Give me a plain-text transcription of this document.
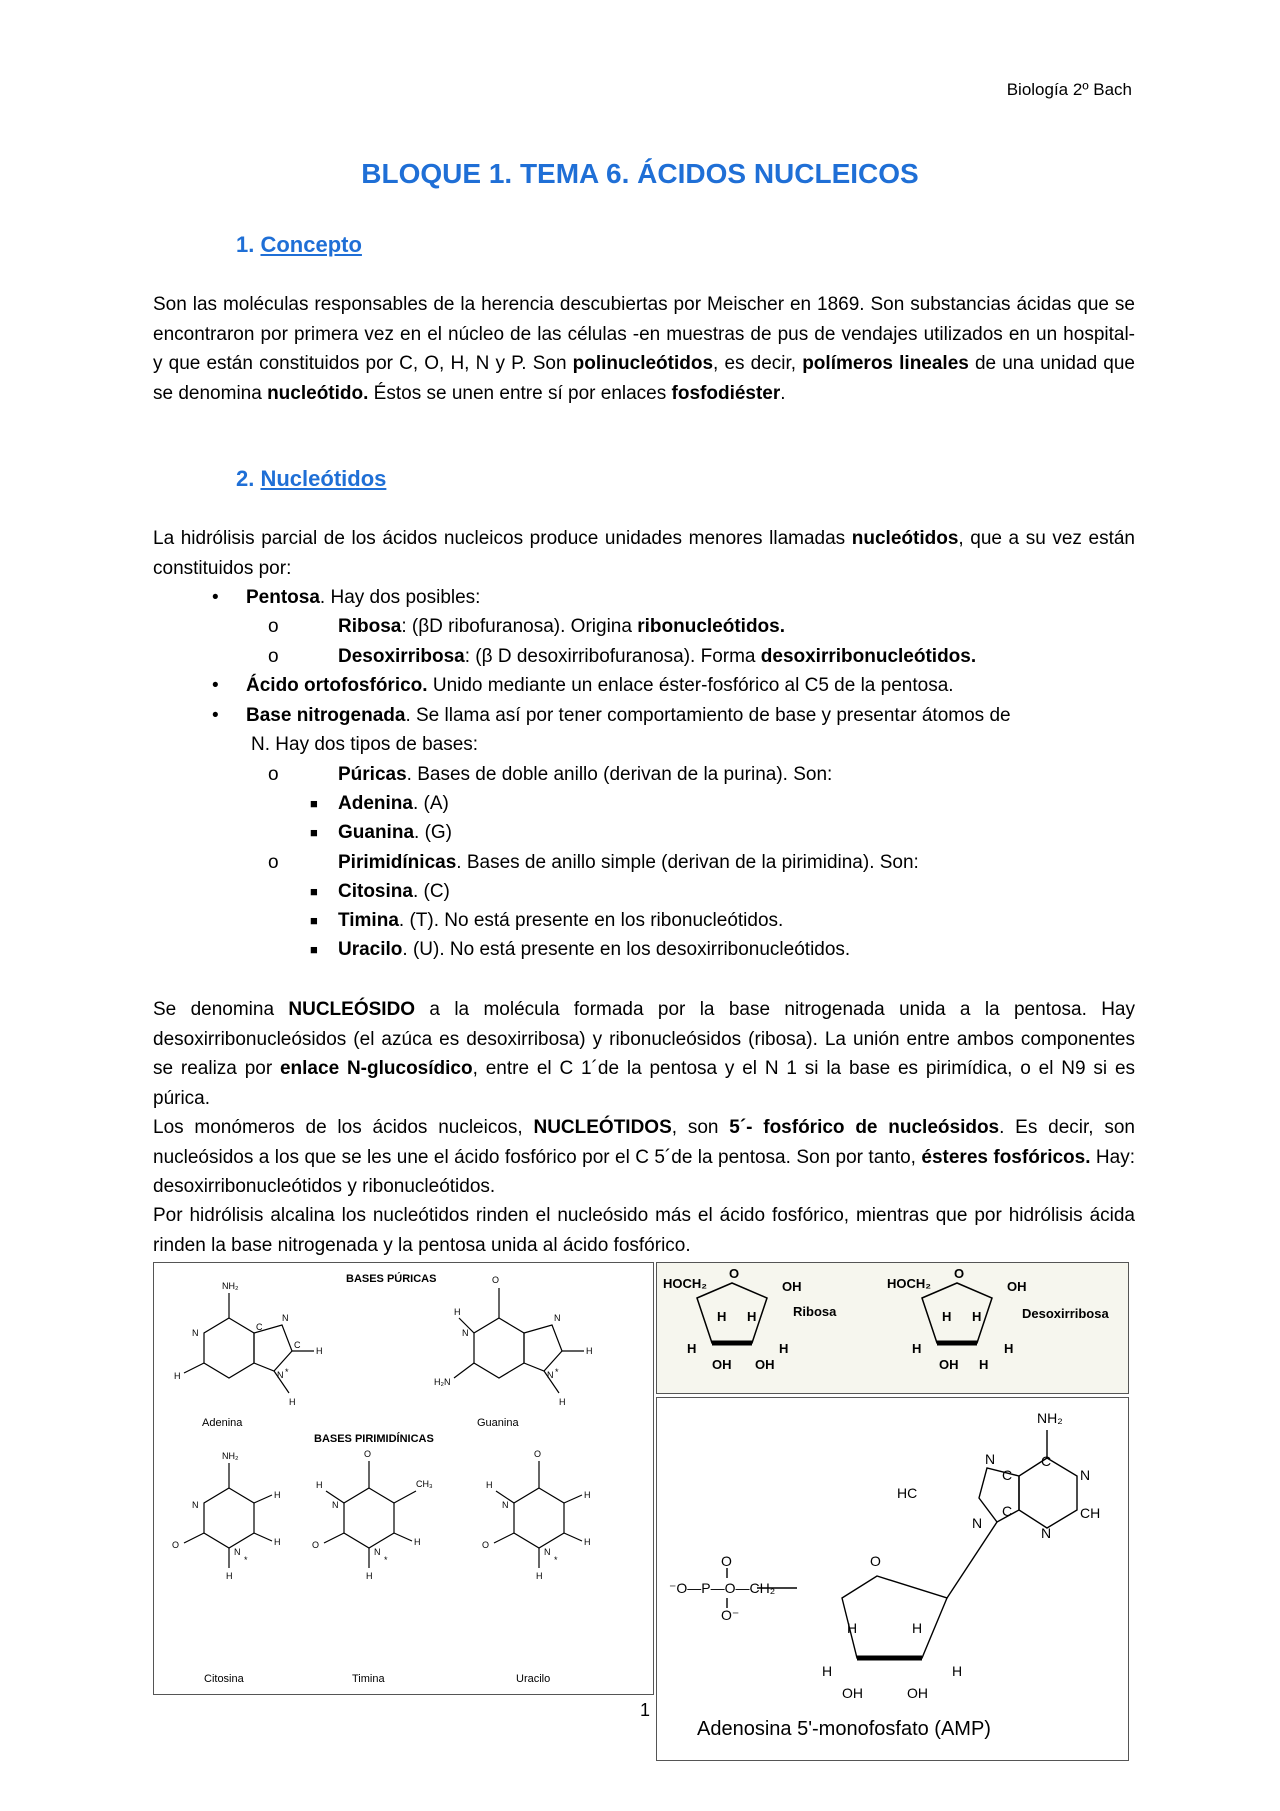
Biología 2º Bach
BLOQUE 1. TEMA 6. ÁCIDOS NUCLEICOS
1. Concepto
Son las moléculas responsables de la herencia descubiertas por Meischer en 1869. Son substancias ácidas que se encontraron por primera vez en el núcleo de las células -en muestras de pus de vendajes utilizados en un hospital- y que están constituidos por C, O, H, N y P. Son polinucleótidos, es decir, polímeros lineales de una unidad que se denomina nucleótido. Éstos se unen entre sí por enlaces fosfodiéster.
2. Nucleótidos
La hidrólisis parcial de los ácidos nucleicos produce unidades menores llamadas nucleótidos, que a su vez están constituidos por:
• Pentosa. Hay dos posibles:
o	Ribosa: (βD ribofuranosa). Origina ribonucleótidos.
o	Desoxirribosa: (β D desoxirribofuranosa). Forma desoxirribonucleótidos.
• Ácido ortofosfórico. Unido mediante un enlace éster-fosfórico al C5 de la pentosa.
• Base nitrogenada. Se llama así por tener comportamiento de base y presentar átomos de
N. Hay dos tipos de bases:
o	Púricas. Bases de doble anillo (derivan de la purina). Son:
■ Adenina. (A)
■ Guanina. (G)
o	Pirimidínicas. Bases de anillo simple (derivan de la pirimidina). Son:
■ Citosina. (C)
■ Timina. (T). No está presente en los ribonucleótidos.
■ Uracilo. (U). No está presente en los desoxirribonucleótidos.
Se denomina NUCLEÓSIDO a la molécula formada por la base nitrogenada unida a la pentosa. Hay desoxirribonucleósidos (el azúca es desoxirribosa) y ribonucleósidos (ribosa). La unión entre ambos componentes se realiza por enlace N-glucosídico, entre el C 1´de la pentosa y el N 1 si la base es pirimídica, o el N9 si es púrica.
Los monómeros de los ácidos nucleicos, NUCLEÓTIDOS, son 5´- fosfórico de nucleósidos. Es decir, son nucleósidos a los que se les une el ácido fosfórico por el C 5´de la pentosa. Son por tanto, ésteres fosfóricos. Hay: desoxirribonucleótidos y ribonucleótidos.
Por hidrólisis alcalina los nucleótidos rinden el nucleósido más el ácido fosfórico, mientras que por hidrólisis ácida rinden la base nitrogenada y la pentosa unida al ácido fosfórico.
NH₂
N
C
N
C
H
N *
H
H
O
H
N
N
H
H₂N
N *
H
NH₂
N
H
H
O
N
*
H
O
H
N
CH₃
H
O
N
*
H
O
H
N
H
H
O
N
*
H
BASES PÚRICAS
Adenina	Guanina
BASES PIRIMIDÍNICAS
Citosina	Timina	Uracilo
HOCH₂
O
OH
H H
H	H
OH OH
HOCH₂
O
OH
H H
H	H
OH H
Ribosa	Desoxirribosa
NH₂
C
N
CH
N
N
HC
N
C
C
O
⁻O—P—O—CH₂
O
O⁻
H	H
H	H
OH	OH
Adenosina 5'-monofosfato (AMP)
1
